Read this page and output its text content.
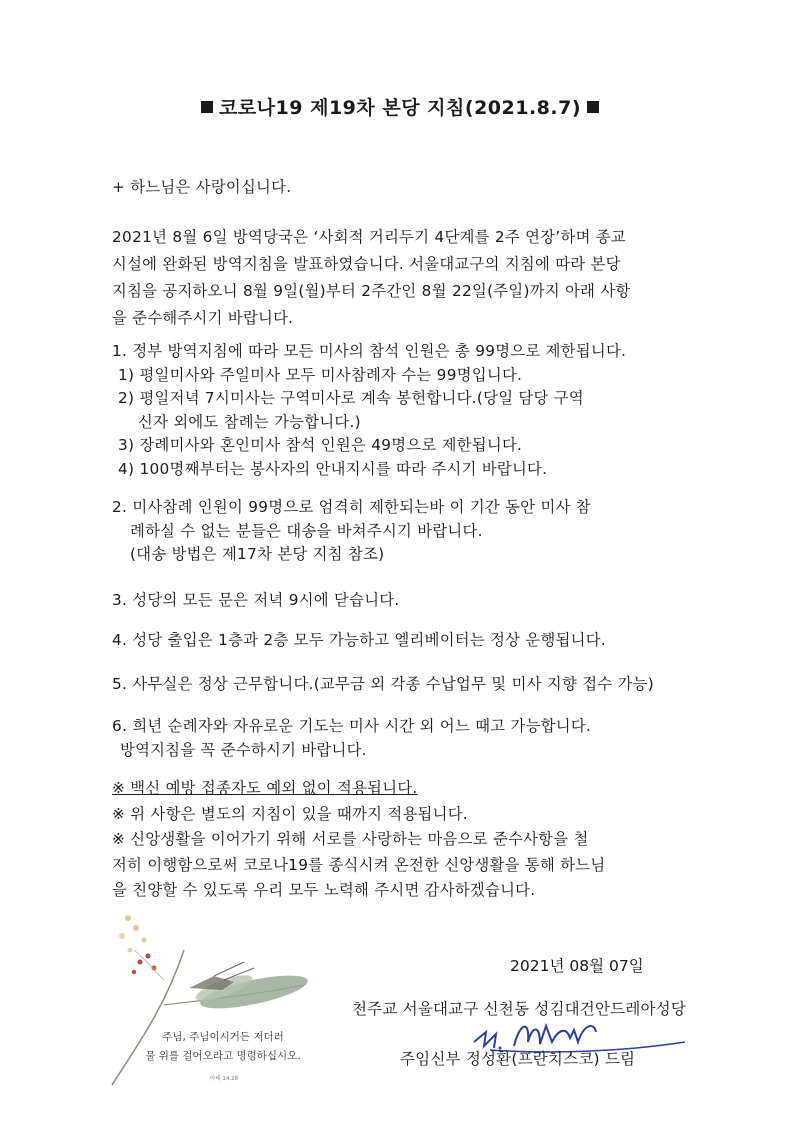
코로나19 제19차 본당 지침(2021.8.7)
+ 하느님은 사랑이십니다.

2021년 8월 6일 방역당국은 ‘사회적 거리두기 4단계를 2주 연장’하며 종교

시설에 완화된 방역지침을 발표하였습니다. 서울대교구의 지침에 따라 본당

지침을 공지하오니 8월 9일(월)부터 2주간인 8월 22일(주일)까지 아래 사항

을 준수해주시기 바랍니다.

1. 정부 방역지침에 따라 모든 미사의 참석 인원은 총 99명으로 제한됩니다.
1) 평일미사와 주일미사 모두 미사참례자 수는 99명입니다.
2) 평일저녁 7시미사는 구역미사로 계속 봉헌합니다.(당일 담당 구역
신자 외에도 참례는 가능합니다.)
3) 장례미사와 혼인미사 참석 인원은 49명으로 제한됩니다.
4) 100명째부터는 봉사자의 안내지시를 따라 주시기 바랍니다.
2. 미사참례 인원이 99명으로 엄격히 제한되는바 이 기간 동안 미사 참
례하실 수 없는 분들은 대송을 바쳐주시기 바랍니다.
(대송 방법은 제17차 본당 지침 참조)
3. 성당의 모든 문은 저녁 9시에 닫습니다.
4. 성당 출입은 1층과 2층 모두 가능하고 엘리베이터는 정상 운행됩니다.
5. 사무실은 정상 근무합니다.(교무금 외 각종 수납업무 및 미사 지향 접수 가능)
6. 희년 순례자와 자유로운 기도는 미사 시간 외 어느 때고 가능합니다.
방역지침을 꼭 준수하시기 바랍니다.
※ 백신 예방 접종자도 예외 없이 적용됩니다.
※ 위 사항은 별도의 지침이 있을 때까지 적용됩니다.
※ 신앙생활을 이어가기 위해 서로를 사랑하는 마음으로 준수사항을 철
저히 이행함으로써 코로나19를 종식시켜 온전한 신앙생활을 통해 하느님
을 친양할 수 있도록 우리 모두 노력해 주시면 감사하겠습니다.
주님, 주님이시거든 저더러
물 위를 걸어오라고 명령하십시오.
마태 14,28
2021년 08월 07일
천주교 서울대교구 신천동 성김대건안드레아성당
주임신부 정성환(프란치스코) 드림
